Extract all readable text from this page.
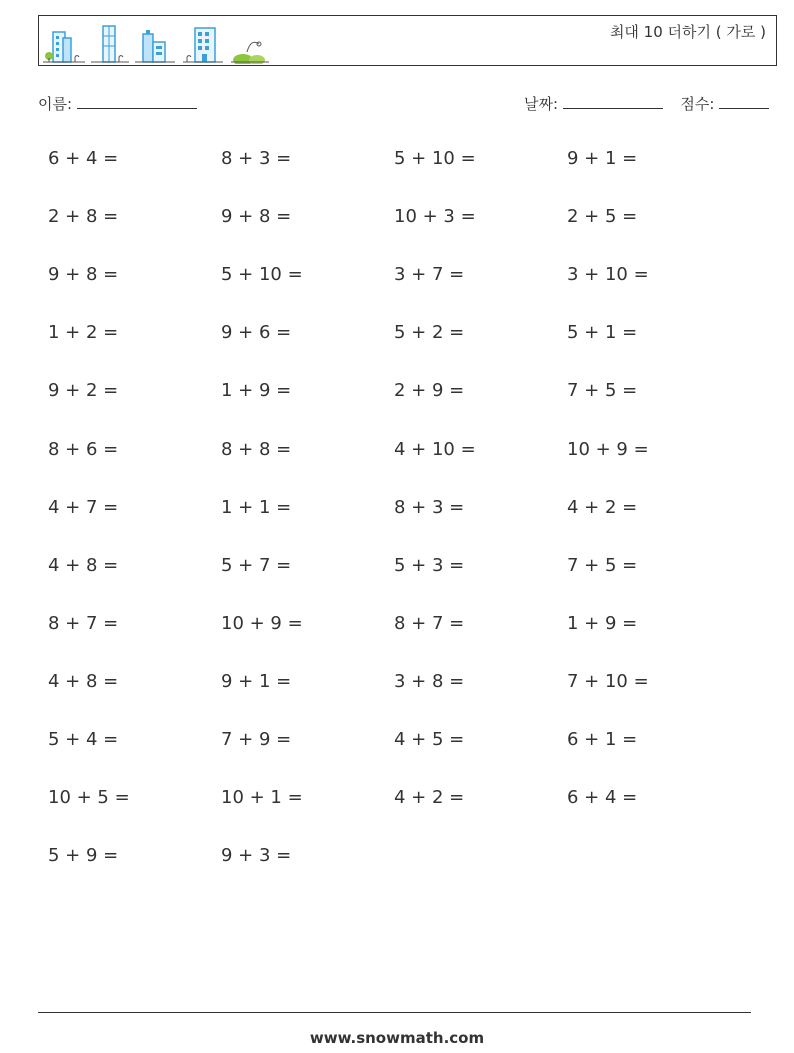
최대 10 더하기 ( 가로 )
이름:	날짜:	점수:
6 + 4 =	8 + 3 =	5 + 10 =	9 + 1 =
2 + 8 =	9 + 8 =	10 + 3 =	2 + 5 =
9 + 8 =	5 + 10 =	3 + 7 =	3 + 10 =
1 + 2 =	9 + 6 =	5 + 2 =	5 + 1 =
9 + 2 =	1 + 9 =	2 + 9 =	7 + 5 =
8 + 6 =	8 + 8 =	4 + 10 =	10 + 9 =
4 + 7 =	1 + 1 =	8 + 3 =	4 + 2 =
4 + 8 =	5 + 7 =	5 + 3 =	7 + 5 =
8 + 7 =	10 + 9 =	8 + 7 =	1 + 9 =
4 + 8 =	9 + 1 =	3 + 8 =	7 + 10 =
5 + 4 =	7 + 9 =	4 + 5 =	6 + 1 =
10 + 5 =	10 + 1 =	4 + 2 =	6 + 4 =
5 + 9 =	9 + 3 =
www.snowmath.com
